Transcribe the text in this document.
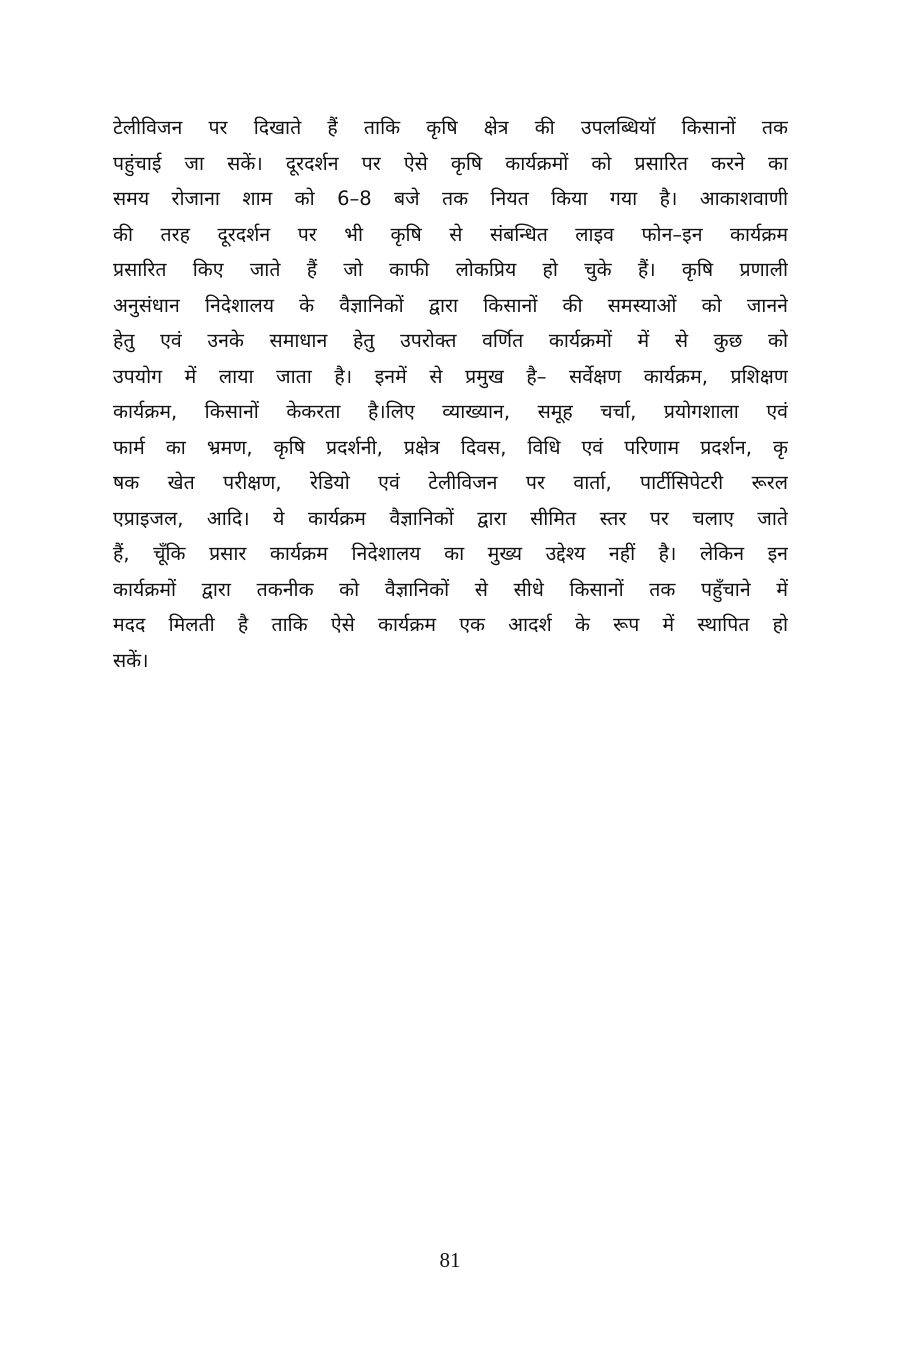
टेलीविजन पर दिखाते हैं ताकि कृषि क्षेत्र की उपलब्धियॉ किसानों तक
पहुंचाई जा सकें। दूरदर्शन पर ऐसे कृषि कार्यक्रमों को प्रसारित करने का
समय रोजाना शाम को 6–8 बजे तक नियत किया गया है। आकाशवाणी
की तरह दूरदर्शन पर भी कृषि से संबन्धित लाइव फोन–इन कार्यक्रम
प्रसारित किए जाते हैं जो काफी लोकप्रिय हो चुके हैं। कृषि प्रणाली
अनुसंधान निदेशालय के वैज्ञानिकों द्वारा किसानों की समस्याओं को जानने
हेतु एवं उनके समाधान हेतु उपरोक्त वर्णित कार्यक्रमों में से कुछ को
उपयोग में लाया जाता है। इनमें से प्रमुख है– सर्वेक्षण कार्यक्रम, प्रशिक्षण
कार्यक्रम, किसानों केकरता है।लिए व्याख्यान, समूह चर्चा, प्रयोगशाला एवं
फार्म का भ्रमण, कृषि प्रदर्शनी, प्रक्षेत्र दिवस, विधि एवं परिणाम प्रदर्शन, कृ
षक खेत परीक्षण, रेडियो एवं टेलीविजन पर वार्ता, पार्टीसिपेटरी रूरल
एप्राइजल, आदि। ये कार्यक्रम वैज्ञानिकों द्वारा सीमित स्तर पर चलाए जाते
हैं, चूँकि प्रसार कार्यक्रम निदेशालय का मुख्य उद्देश्य नहीं है। लेकिन इन
कार्यक्रमों द्वारा तकनीक को वैज्ञानिकों से सीधे किसानों तक पहुँचाने में
मदद मिलती है ताकि ऐसे कार्यक्रम एक आदर्श के रूप में स्थापित हो
सकें।
81
